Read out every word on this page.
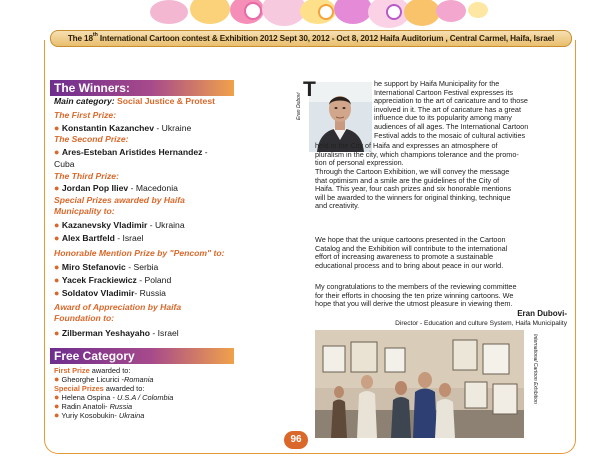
The 18th International Cartoon contest & Exhibition 2012 Sept 30, 2012 - Oct 8, 2012 Haifa Auditorium , Central Carmel, Haifa, Israel
The Winners:
Main category: Social Justice & Protest
The First Prize:
● Konstantin Kazanchev - Ukraine
The Second Prize:
● Ares-Esteban Aristides Hernandez -
Cuba
The Third Prize:
● Jordan Pop Iliev - Macedonia
Special Prizes awarded by Haifa
Municpality to:
● Kazanevsky Vladimir - Ukraina
● Alex Bartfeld - Israel
Honorable Mention Prize by "Pencom" to:
● Miro Stefanovic - Serbia
● Yacek Frackiewicz - Poland
● Soldatov Vladimir- Russia
Award of Appreciation by Haifa
Foundation to:
● Zilberman Yeshayaho - Israel
Free Category
First Prize awarded to:
● Gheorghe Licurici -Romania
Special Prizes awarded to:
● Helena Ospina - U.S.A / Colombia
● Radin Anatoli- Russia
● Yuriy Kosobukin- Ukraina
Eran Dubovi
T	he support by Haifa Municipality for the
International Cartoon Festival expresses its
appreciation to the art of caricature and to those
involved in it. The art of caricature has a great
influence due to its popularity among many
audiences of all ages. The International Cartoon
Festival adds to the mosaic of cultural activities
held in the City of Haifa and expresses an atmosphere of
pluralism in the city, which champions tolerance and the promo-
tion of personal expression.
Through the Cartoon Exhibition, we will convey the message
that optimism and a smile are the guidelines of the City of
Haifa. This year, four cash prizes and six honorable mentions
will be awarded to the winners for original thinking, technique
and creativity.
We hope that the unique cartoons presented in the Cartoon
Catalog and the Exhibition will contribute to the international
effort of increasing awareness to promote a sustainable
educational process and to bring about peace in our world.
My congratulations to the members of the reviewing committee
for their efforts in choosing the ten prize winning cartoons. We
hope that you will derive the utmost pleasure in viewing them.
Eran Dubovi-
Director - Education and culture System, Haifa Municipality
International Cartoon Exhibition
96
